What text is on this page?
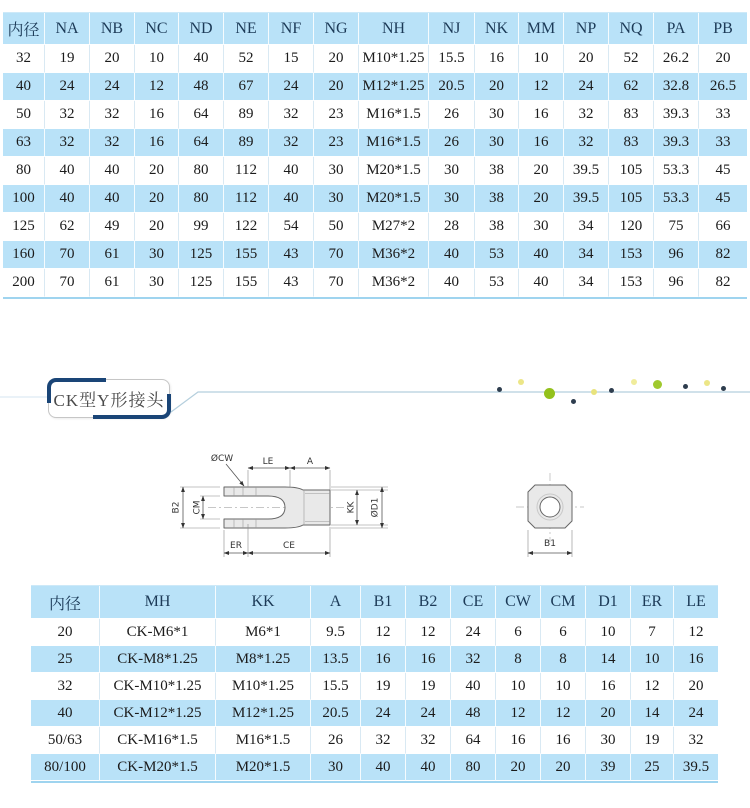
内径	NA	NB	NC	ND	NE	NF	NG	NH	NJ	NK	MM	NP	NQ	PA	PB
32	19	20	10	40	52	15	20	M10*1.25	15.5	16	10	20	52	26.2	20
40	24	24	12	48	67	24	20	M12*1.25	20.5	20	12	24	62	32.8	26.5
50	32	32	16	64	89	32	23	M16*1.5	26	30	16	32	83	39.3	33
63	32	32	16	64	89	32	23	M16*1.5	26	30	16	32	83	39.3	33
80	40	40	20	80	112	40	30	M20*1.5	30	38	20	39.5	105	53.3	45
100	40	40	20	80	112	40	30	M20*1.5	30	38	20	39.5	105	53.3	45
125	62	49	20	99	122	54	50	M27*2	28	38	30	34	120	75	66
160	70	61	30	125	155	43	70	M36*2	40	53	40	34	153	96	82
200	70	61	30	125	155	43	70	M36*2	40	53	40	34	153	96	82
CK型Y形接头
LE	A
ØCW
B2 CM	KK ØD1
ER	CE	B1
内径	MH	KK	A	B1	B2	CE	CW	CM	D1	ER	LE
20	CK-M6*1	M6*1	9.5	12	12	24	6	6	10	7	12
25	CK-M8*1.25	M8*1.25	13.5	16	16	32	8	8	14	10	16
32	CK-M10*1.25	M10*1.25	15.5	19	19	40	10	10	16	12	20
40	CK-M12*1.25	M12*1.25	20.5	24	24	48	12	12	20	14	24
50/63	CK-M16*1.5	M16*1.5	26	32	32	64	16	16	30	19	32
80/100	CK-M20*1.5	M20*1.5	30	40	40	80	20	20	39	25	39.5
